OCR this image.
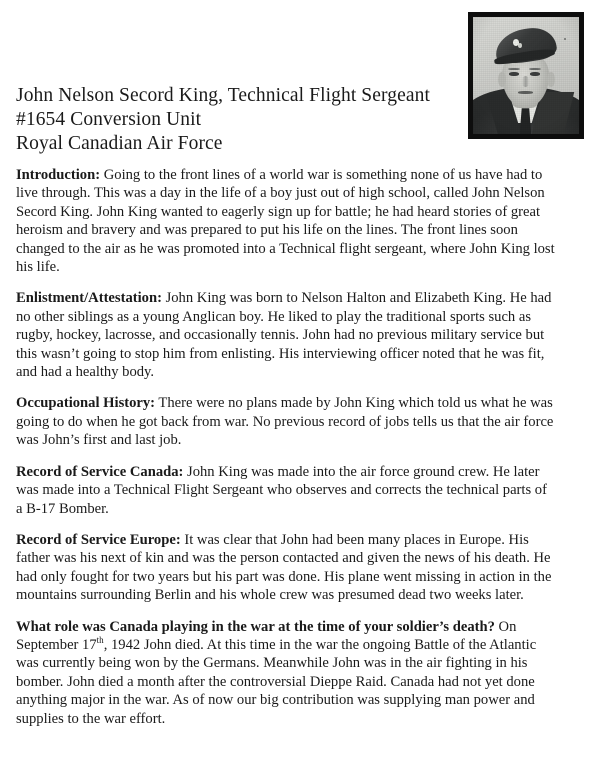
John Nelson Secord King, Technical Flight Sergeant
#1654 Conversion Unit
Royal Canadian Air Force

Introduction: Going to the front lines of a world war is something none of us have had to live through. This was a day in the life of a boy just out of high school, called John Nelson Secord King. John King wanted to eagerly sign up for battle; he had heard stories of great heroism and bravery and was prepared to put his life on the lines. The front lines soon changed to the air as he was promoted into a Technical flight sergeant, where John King lost his life.

Enlistment/Attestation: John King was born to Nelson Halton and Elizabeth King. He had no other siblings as a young Anglican boy. He liked to play the traditional sports such as rugby, hockey, lacrosse, and occasionally tennis. John had no previous military service but this wasn’t going to stop him from enlisting. His interviewing officer noted that he was fit, and had a healthy body.

Occupational History: There were no plans made by John King which told us what he was going to do when he got back from war. No previous record of jobs tells us that the air force was John’s first and last job.

Record of Service Canada: John King was made into the air force ground crew. He later was made into a Technical Flight Sergeant who observes and corrects the technical parts of a B-17 Bomber.

Record of Service Europe: It was clear that John had been many places in Europe. His father was his next of kin and was the person contacted and given the news of his death. He had only fought for two years but his part was done. His plane went missing in action in the mountains surrounding Berlin and his whole crew was presumed dead two weeks later.

What role was Canada playing in the war at the time of your soldier’s death? On September 17th, 1942 John died. At this time in the war the ongoing Battle of the Atlantic was currently being won by the Germans. Meanwhile John was in the air fighting in his bomber. John died a month after the controversial Dieppe Raid. Canada had not yet done anything major in the war. As of now our big contribution was supplying man power and supplies to the war effort.
